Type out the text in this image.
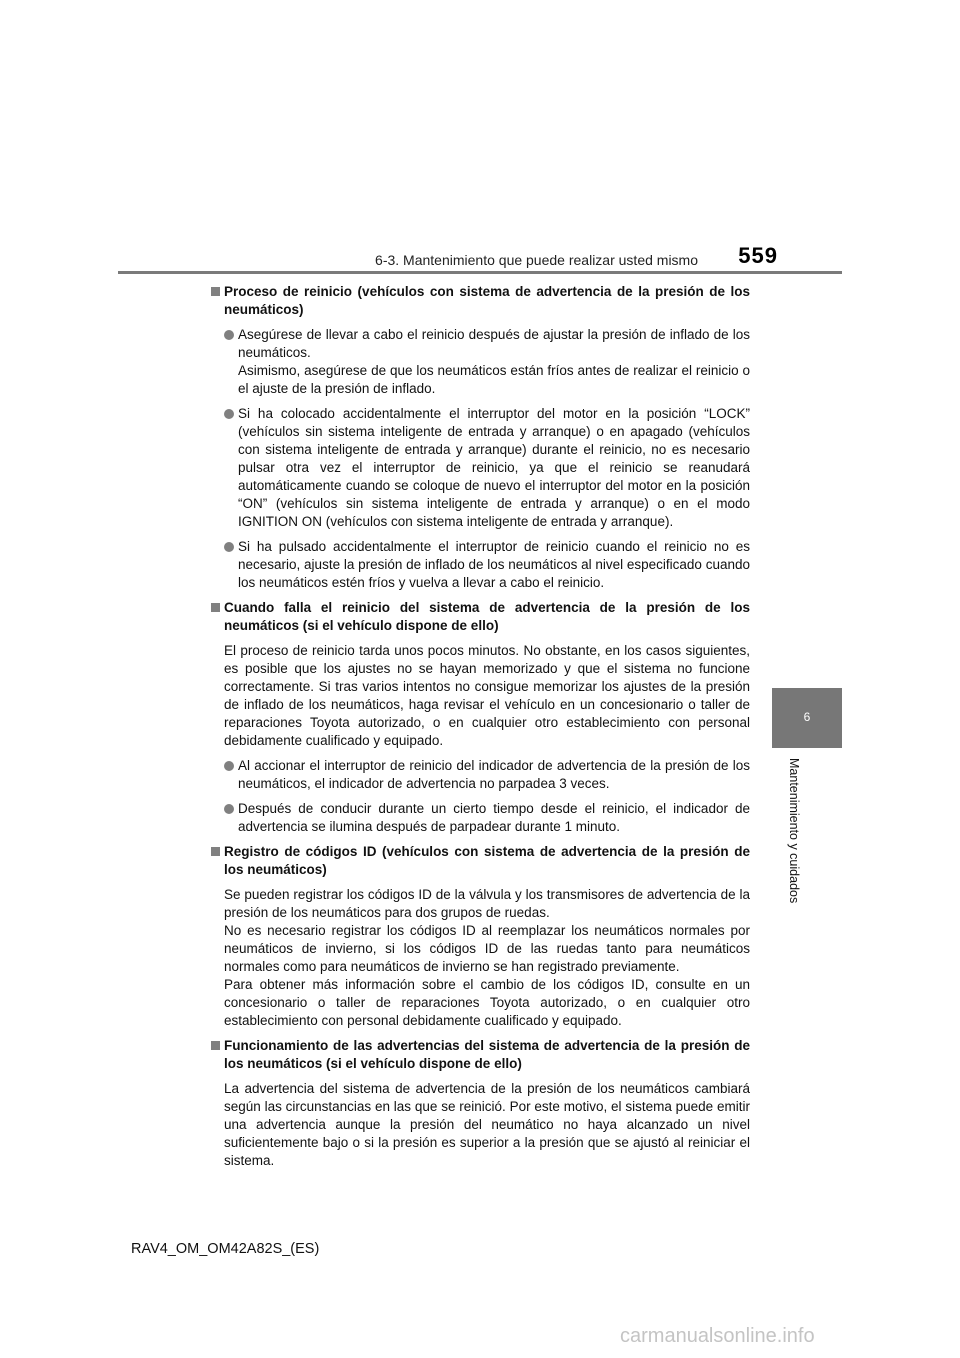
6-3. Mantenimiento que puede realizar usted mismo	559
6
Mantenimiento y cuidados
Proceso de reinicio (vehículos con sistema de advertencia de la presión de los neumáticos)
Asegúrese de llevar a cabo el reinicio después de ajustar la presión de inflado de los neumáticos.
Asimismo, asegúrese de que los neumáticos están fríos antes de realizar el reinicio o el ajuste de la presión de inflado.
Si ha colocado accidentalmente el interruptor del motor en la posición “LOCK” (vehículos sin sistema inteligente de entrada y arranque) o en apagado (vehículos con sistema inteligente de entrada y arranque) durante el reinicio, no es necesario pulsar otra vez el interruptor de reinicio, ya que el reinicio se reanudará automáticamente cuando se coloque de nuevo el interruptor del motor en la posición “ON” (vehículos sin sistema inteligente de entrada y arranque) o en el modo IGNITION ON (vehículos con sistema inteligente de entrada y arranque).
Si ha pulsado accidentalmente el interruptor de reinicio cuando el reinicio no es necesario, ajuste la presión de inflado de los neumáticos al nivel especificado cuando los neumáticos estén fríos y vuelva a llevar a cabo el reinicio.
Cuando falla el reinicio del sistema de advertencia de la presión de los neumáticos (si el vehículo dispone de ello)
El proceso de reinicio tarda unos pocos minutos. No obstante, en los casos siguientes, es posible que los ajustes no se hayan memorizado y que el sistema no funcione correctamente. Si tras varios intentos no consigue memorizar los ajustes de la presión de inflado de los neumáticos, haga revisar el vehículo en un concesionario o taller de reparaciones Toyota autorizado, o en cualquier otro establecimiento con personal debidamente cualificado y equipado.
Al accionar el interruptor de reinicio del indicador de advertencia de la presión de los neumáticos, el indicador de advertencia no parpadea 3 veces.
Después de conducir durante un cierto tiempo desde el reinicio, el indicador de advertencia se ilumina después de parpadear durante 1 minuto.
Registro de códigos ID (vehículos con sistema de advertencia de la presión de los neumáticos)
Se pueden registrar los códigos ID de la válvula y los transmisores de advertencia de la presión de los neumáticos para dos grupos de ruedas.
No es necesario registrar los códigos ID al reemplazar los neumáticos normales por neumáticos de invierno, si los códigos ID de las ruedas tanto para neumáticos normales como para neumáticos de invierno se han registrado previamente.
Para obtener más información sobre el cambio de los códigos ID, consulte en un concesionario o taller de reparaciones Toyota autorizado, o en cualquier otro establecimiento con personal debidamente cualificado y equipado.
Funcionamiento de las advertencias del sistema de advertencia de la presión de los neumáticos (si el vehículo dispone de ello)
La advertencia del sistema de advertencia de la presión de los neumáticos cambiará según las circunstancias en las que se reinició. Por este motivo, el sistema puede emitir una advertencia aunque la presión del neumático no haya alcanzado un nivel suficientemente bajo o si la presión es superior a la presión que se ajustó al reiniciar el sistema.
RAV4_OM_OM42A82S_(ES)
carmanualsonline.info
